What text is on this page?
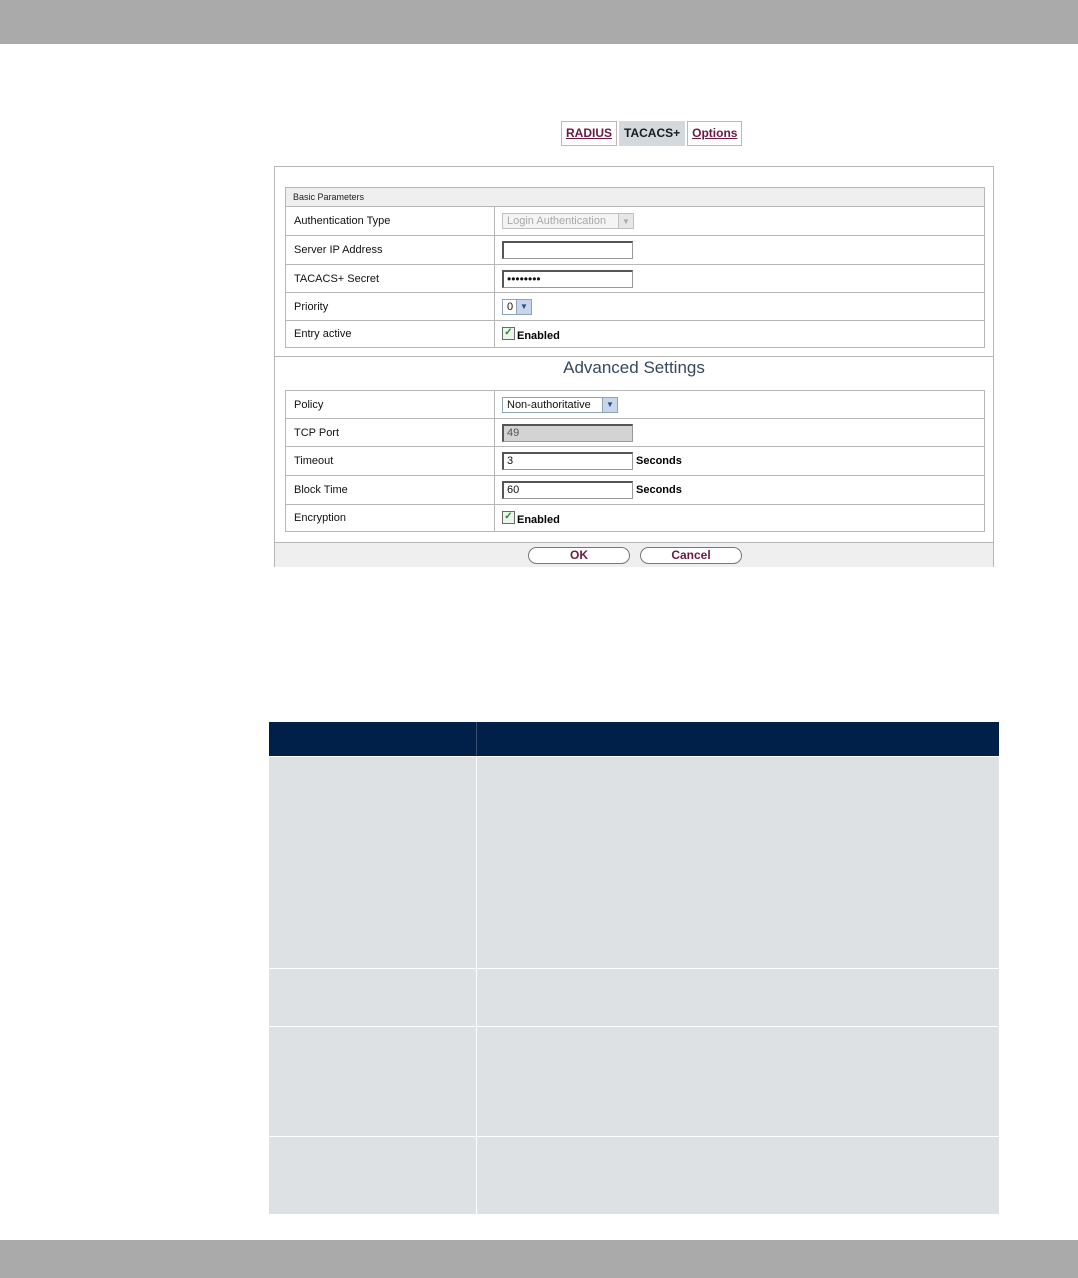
RADIUS	TACACS+	Options
Basic Parameters
Authentication Type	Login Authentication	▼
Server IP Address
TACACS+ Secret	••••••••
Priority	0 ▼
Entry active	✓ Enabled
Advanced Settings
Policy	Non-authoritative	▼
TCP Port	49
Timeout	3	Seconds
Block Time	60	Seconds
Encryption	✓ Enabled
OK	Cancel
